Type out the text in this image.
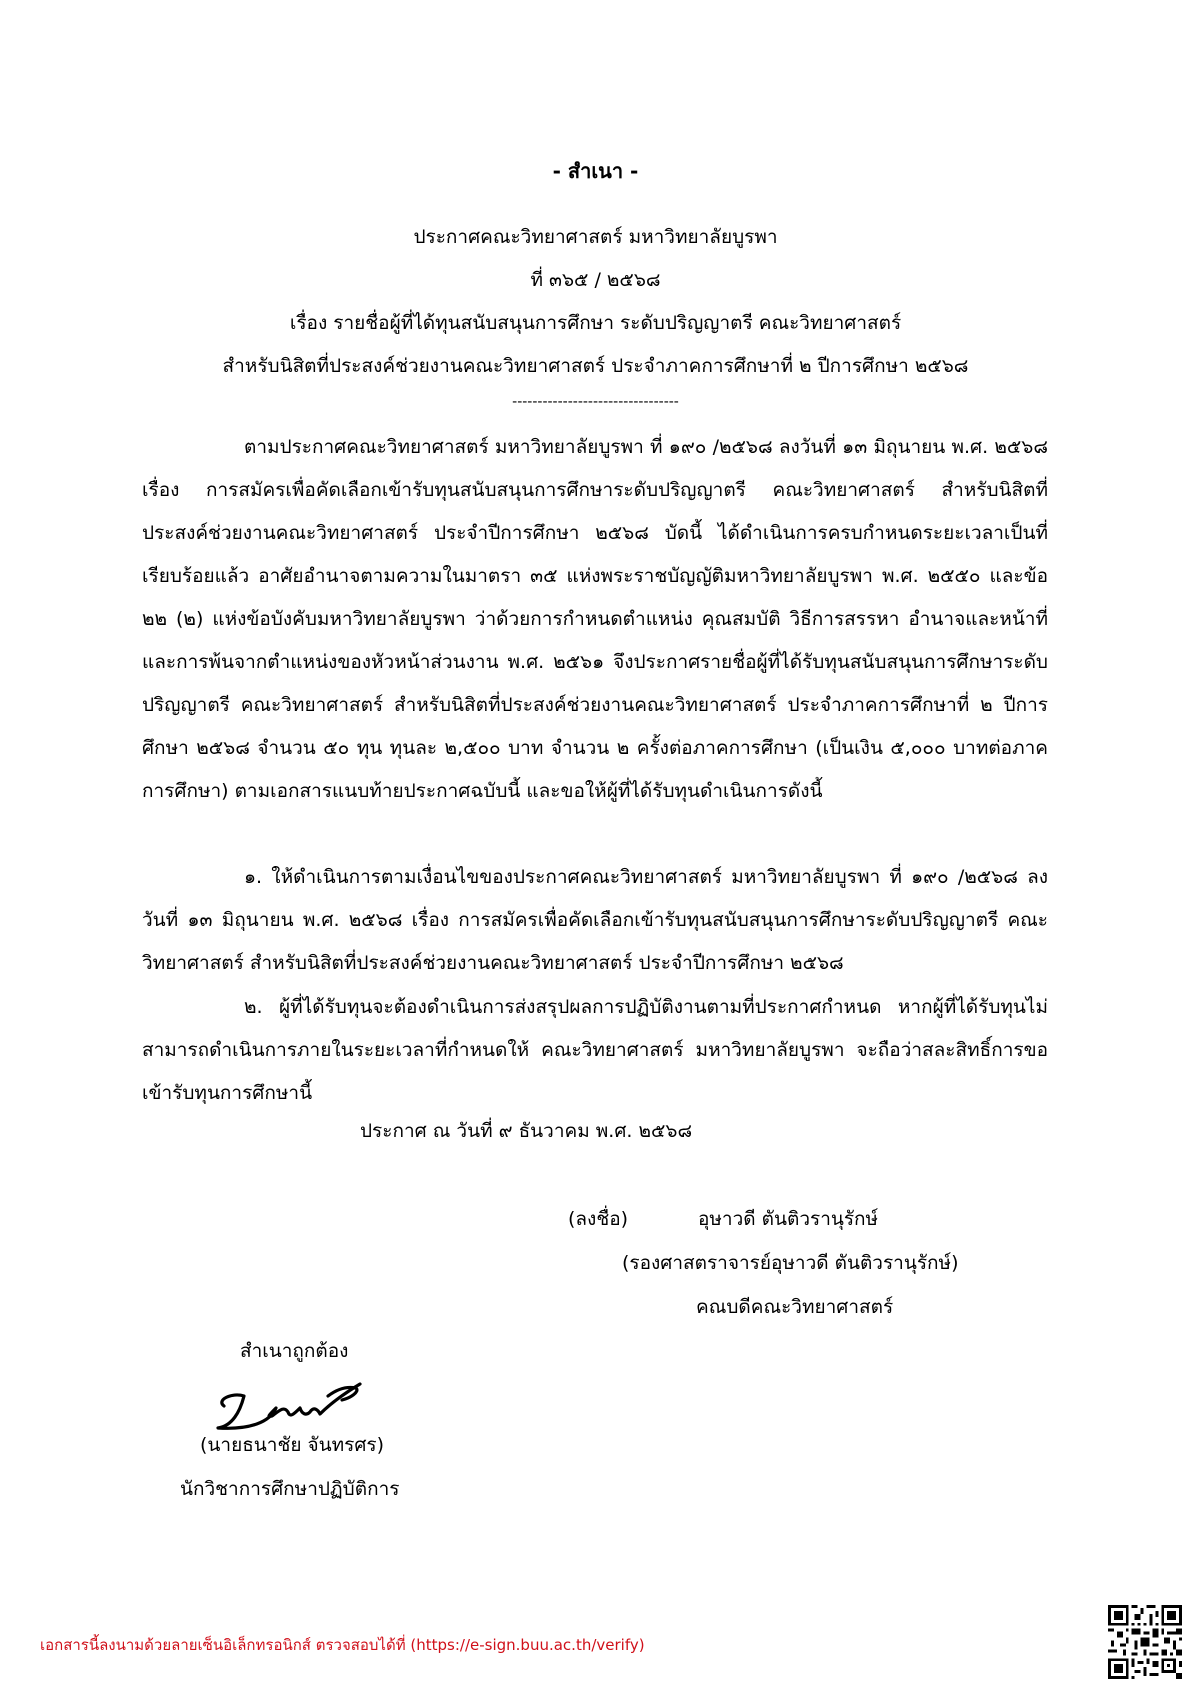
- สำเนา -
ประกาศคณะวิทยาศาสตร์ มหาวิทยาลัยบูรพา
ที่ ๓๖๕ / ๒๕๖๘
เรื่อง รายชื่อผู้ที่ได้ทุนสนับสนุนการศึกษา ระดับปริญญาตรี คณะวิทยาศาสตร์
สำหรับนิสิตที่ประสงค์ช่วยงานคณะวิทยาศาสตร์ ประจำภาคการศึกษาที่ ๒ ปีการศึกษา ๒๕๖๘
---------------------------------

ตามประกาศคณะวิทยาศาสตร์ มหาวิทยาลัยบูรพา ที่ ๑๙๐ /๒๕๖๘ ลงวันที่ ๑๓ มิถุนายน พ.ศ. ๒๕๖๘ เรื่อง การสมัครเพื่อคัดเลือกเข้ารับทุนสนับสนุนการศึกษาระดับปริญญาตรี คณะวิทยาศาสตร์ สำหรับนิสิตที่ประสงค์ช่วยงานคณะวิทยาศาสตร์ ประจำปีการศึกษา ๒๕๖๘ บัดนี้ ได้ดำเนินการครบกำหนดระยะเวลาเป็นที่เรียบร้อยแล้ว อาศัยอำนาจตามความในมาตรา ๓๕ แห่งพระราชบัญญัติมหาวิทยาลัยบูรพา พ.ศ. ๒๕๕๐ และข้อ ๒๒ (๒) แห่งข้อบังคับมหาวิทยาลัยบูรพา ว่าด้วยการกำหนดตำแหน่ง คุณสมบัติ วิธีการสรรหา อำนาจและหน้าที่ และการพ้นจากตำแหน่งของหัวหน้าส่วนงาน พ.ศ. ๒๕๖๑ จึงประกาศรายชื่อผู้ที่ได้รับทุนสนับสนุนการศึกษาระดับปริญญาตรี คณะวิทยาศาสตร์ สำหรับนิสิตที่ประสงค์ช่วยงานคณะวิทยาศาสตร์ ประจำภาคการศึกษาที่ ๒ ปีการศึกษา ๒๕๖๘ จำนวน ๕๐ ทุน ทุนละ ๒,๕๐๐ บาท จำนวน ๒ ครั้งต่อภาคการศึกษา (เป็นเงิน ๕,๐๐๐ บาทต่อภาคการศึกษา) ตามเอกสารแนบท้ายประกาศฉบับนี้ และขอให้ผู้ที่ได้รับทุนดำเนินการดังนี้

๑. ให้ดำเนินการตามเงื่อนไขของประกาศคณะวิทยาศาสตร์ มหาวิทยาลัยบูรพา ที่ ๑๙๐ /๒๕๖๘ ลงวันที่ ๑๓ มิถุนายน พ.ศ. ๒๕๖๘ เรื่อง การสมัครเพื่อคัดเลือกเข้ารับทุนสนับสนุนการศึกษาระดับปริญญาตรี คณะวิทยาศาสตร์ สำหรับนิสิตที่ประสงค์ช่วยงานคณะวิทยาศาสตร์ ประจำปีการศึกษา ๒๕๖๘

๒. ผู้ที่ได้รับทุนจะต้องดำเนินการส่งสรุปผลการปฏิบัติงานตามที่ประกาศกำหนด หากผู้ที่ได้รับทุนไม่สามารถดำเนินการภายในระยะเวลาที่กำหนดให้ คณะวิทยาศาสตร์ มหาวิทยาลัยบูรพา จะถือว่าสละสิทธิ์การขอเข้ารับทุนการศึกษานี้

ประกาศ ณ วันที่ ๙ ธันวาคม พ.ศ. ๒๕๖๘
(ลงชื่อ)	อุษาวดี ตันติวรานุรักษ์
(รองศาสตราจารย์อุษาวดี ตันติวรานุรักษ์)
คณบดีคณะวิทยาศาสตร์
สำเนาถูกต้อง
(นายธนาชัย จันทรศร)
นักวิชาการศึกษาปฏิบัติการ
เอกสารนี้ลงนามด้วยลายเซ็นอิเล็กทรอนิกส์ ตรวจสอบได้ที่ (https://e-sign.buu.ac.th/verify)
